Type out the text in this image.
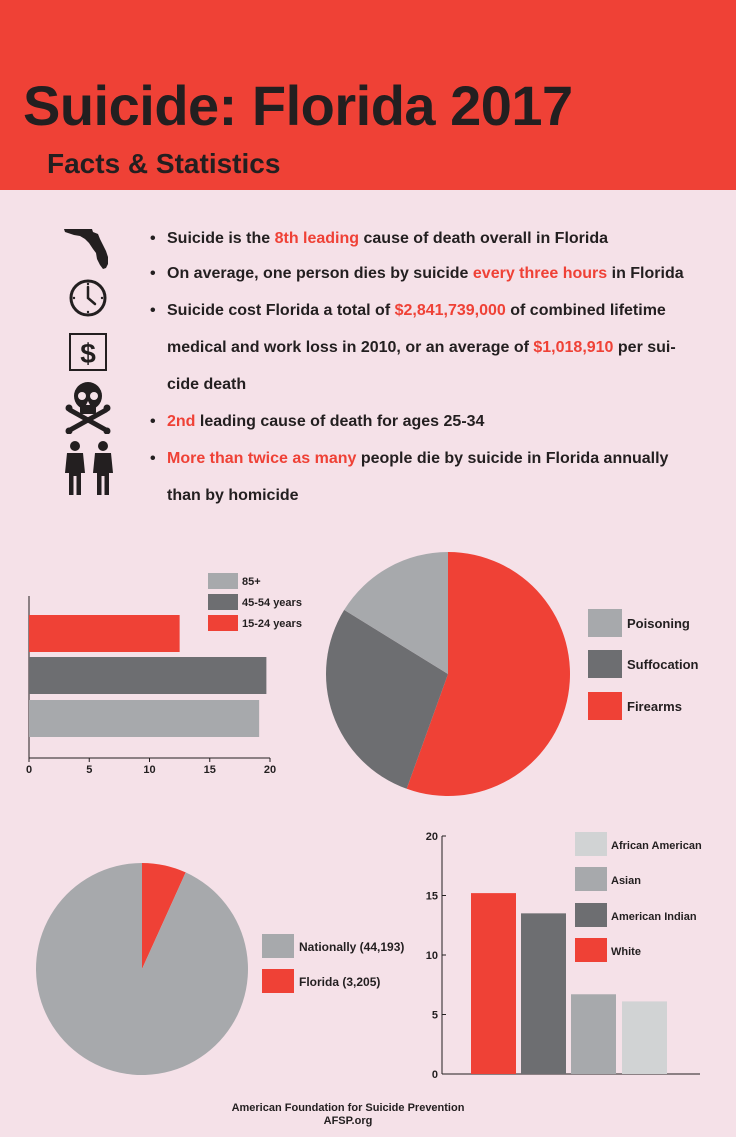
Suicide: Florida 2017
Facts & Statistics
$
• Suicide is the 8th leading cause of death overall in Florida
• On average, one person dies by suicide every three hours in Florida
• Suicide cost Florida a total of $2,841,739,000 of combined lifetime medical and work loss in 2010, or an average of $1,018,910 per sui-cide death
• 2nd leading cause of death for ages 25-34
• More than twice as many people die by suicide in Florida annually than by homicide
0	5	10	15	20
85+
45-54 years
15-24 years	Poisoning
Suffocation
Firearms
Nationally (44,193)
Florida (3,205)
0
5
10
15
20
African American
Asian
American Indian
White
American Foundation for Suicide Prevention
AFSP.org
